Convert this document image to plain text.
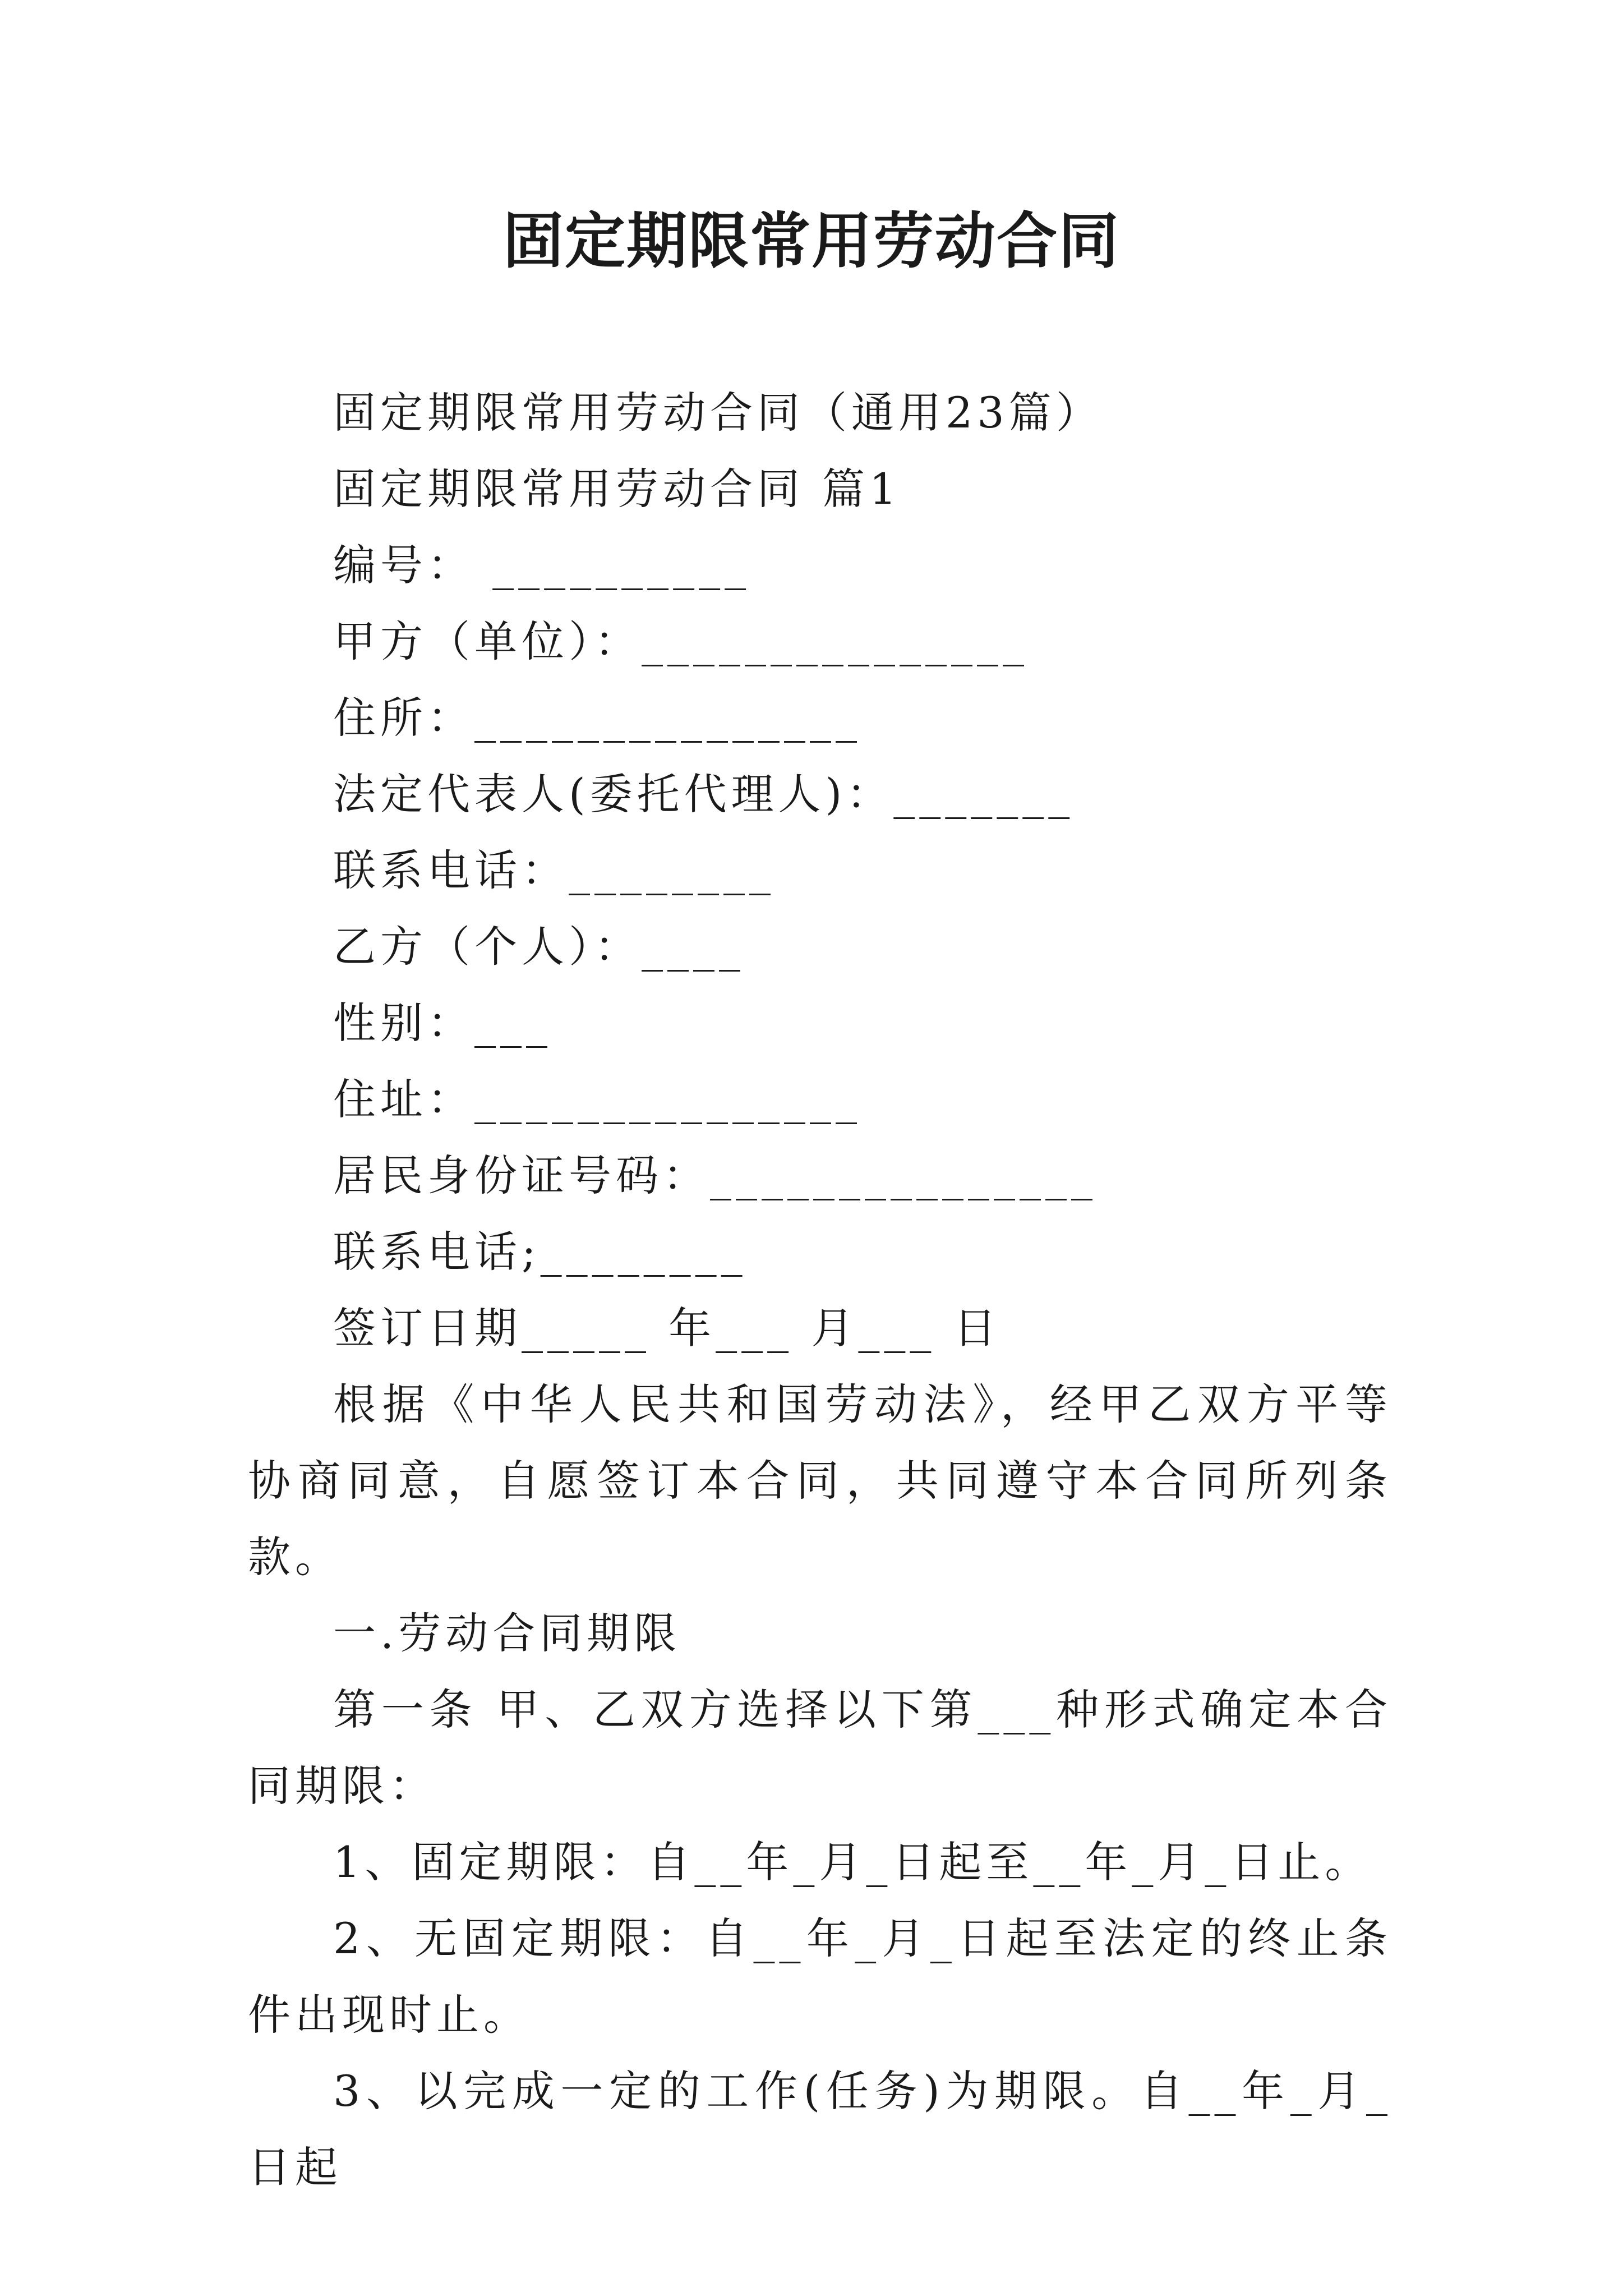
固定期限常用劳动合同
固定期限常用劳动合同（通用23篇）
固定期限常用劳动合同 篇1
编号： __________
甲方（单位）：_______________
住所：_______________
法定代表人(委托代理人)：_______
联系电话：________
乙方（个人）：____
性别：___
住址：_______________
居民身份证号码：_______________
联系电话;________
签订日期_____ 年___ 月___ 日

根据《中华人民共和国劳动法》，经甲乙双方平等协商同意，自愿签订本合同，共同遵守本合同所列条款。

一.劳动合同期限

第一条 甲、乙双方选择以下第___种形式确定本合同期限：

1、固定期限：自__年_月_日起至__年_月_日止。

2、无固定期限：自__年_月_日起至法定的终止条件出现时止。

3、以完成一定的工作(任务)为期限。自__年_月_日起
